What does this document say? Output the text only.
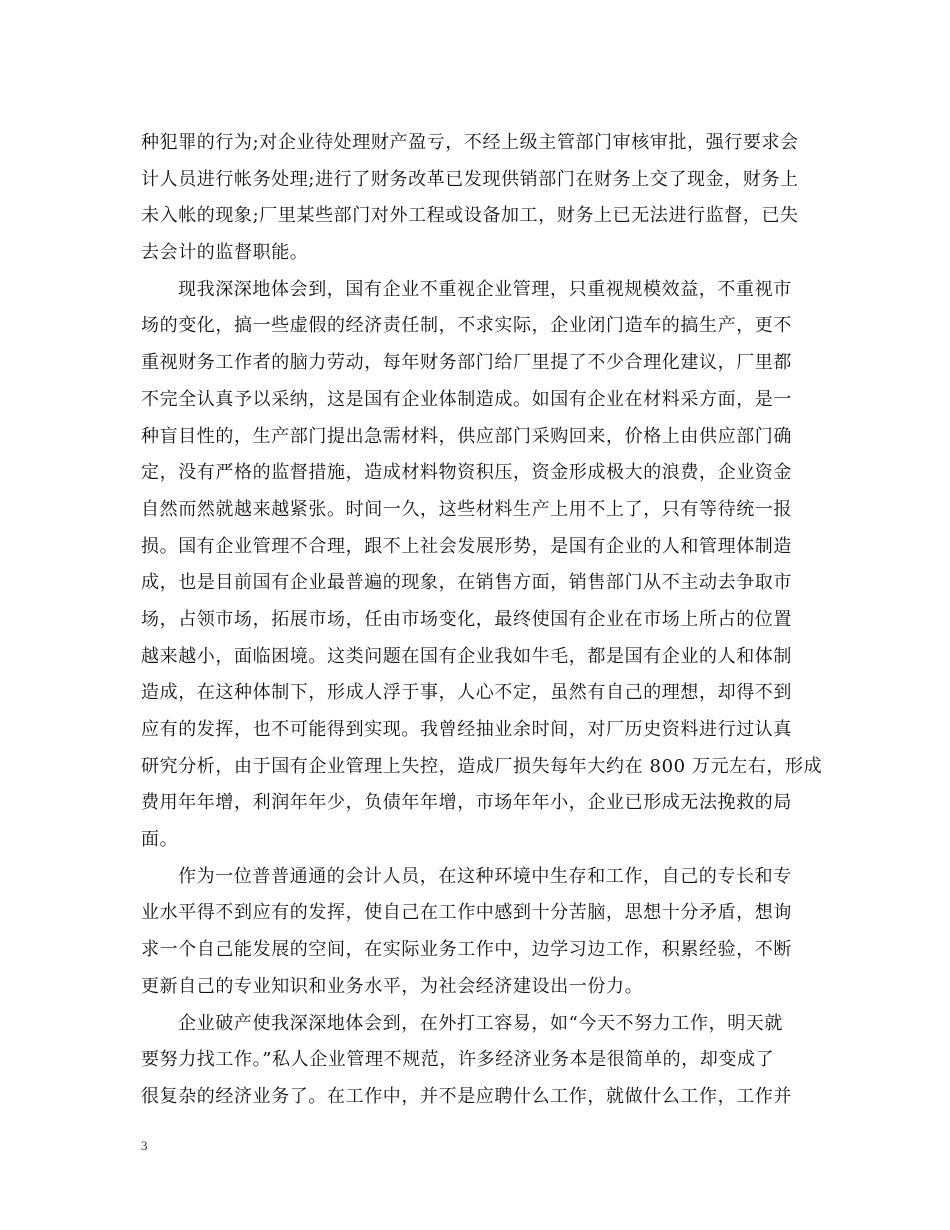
种犯罪的行为;对企业待处理财产盈亏，不经上级主管部门审核审批，强行要求会
计人员进行帐务处理;进行了财务改革已发现供销部门在财务上交了现金，财务上
未入帐的现象;厂里某些部门对外工程或设备加工，财务上已无法进行监督，已失
去会计的监督职能。
现我深深地体会到，国有企业不重视企业管理，只重视规模效益，不重视市
场的变化，搞一些虚假的经济责任制，不求实际，企业闭门造车的搞生产，更不
重视财务工作者的脑力劳动，每年财务部门给厂里提了不少合理化建议，厂里都
不完全认真予以采纳，这是国有企业体制造成。如国有企业在材料采方面，是一
种盲目性的，生产部门提出急需材料，供应部门采购回来，价格上由供应部门确
定，没有严格的监督措施，造成材料物资积压，资金形成极大的浪费，企业资金
自然而然就越来越紧张。时间一久，这些材料生产上用不上了，只有等待统一报
损。国有企业管理不合理，跟不上社会发展形势，是国有企业的人和管理体制造
成，也是目前国有企业最普遍的现象，在销售方面，销售部门从不主动去争取市
场，占领市场，拓展市场，任由市场变化，最终使国有企业在市场上所占的位置
越来越小，面临困境。这类问题在国有企业我如牛毛，都是国有企业的人和体制
造成，在这种体制下，形成人浮于事，人心不定，虽然有自己的理想，却得不到
应有的发挥，也不可能得到实现。我曾经抽业余时间，对厂历史资料进行过认真
研究分析，由于国有企业管理上失控，造成厂损失每年大约在 800 万元左右，形成
费用年年增，利润年年少，负债年年增，市场年年小，企业已形成无法挽救的局
面。
作为一位普普通通的会计人员，在这种环境中生存和工作，自己的专长和专
业水平得不到应有的发挥，使自己在工作中感到十分苦脑，思想十分矛盾，想询
求一个自己能发展的空间，在实际业务工作中，边学习边工作，积累经验，不断
更新自己的专业知识和业务水平，为社会经济建设出一份力。
企业破产使我深深地体会到，在外打工容易，如“今天不努力工作，明天就
要努力找工作。”私人企业管理不规范，许多经济业务本是很简单的，却变成了
很复杂的经济业务了。在工作中，并不是应聘什么工作，就做什么工作，工作并
3
